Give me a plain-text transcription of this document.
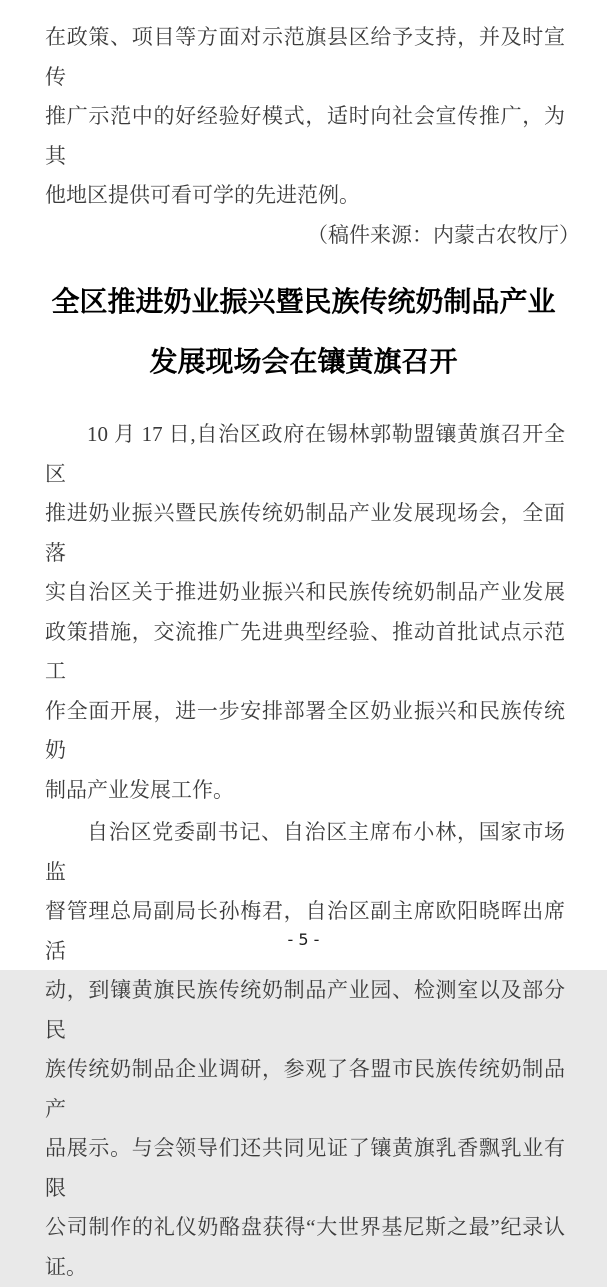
在政策、项目等方面对示范旗县区给予支持，并及时宣传
推广示范中的好经验好模式，适时向社会宣传推广，为其
他地区提供可看可学的先进范例。
（稿件来源：内蒙古农牧厅）
全区推进奶业振兴暨民族传统奶制品产业
发展现场会在镶黄旗召开
10 月 17 日,自治区政府在锡林郭勒盟镶黄旗召开全区
推进奶业振兴暨民族传统奶制品产业发展现场会，全面落
实自治区关于推进奶业振兴和民族传统奶制品产业发展
政策措施，交流推广先进典型经验、推动首批试点示范工
作全面开展，进一步安排部署全区奶业振兴和民族传统奶
制品产业发展工作。
自治区党委副书记、自治区主席布小林，国家市场监
督管理总局副局长孙梅君，自治区副主席欧阳晓晖出席活
动，到镶黄旗民族传统奶制品产业园、检测室以及部分民
族传统奶制品企业调研，参观了各盟市民族传统奶制品产
品展示。与会领导们还共同见证了镶黄旗乳香飘乳业有限
公司制作的礼仪奶酪盘获得“大世界基尼斯之最”纪录认
证。
- 5 -
